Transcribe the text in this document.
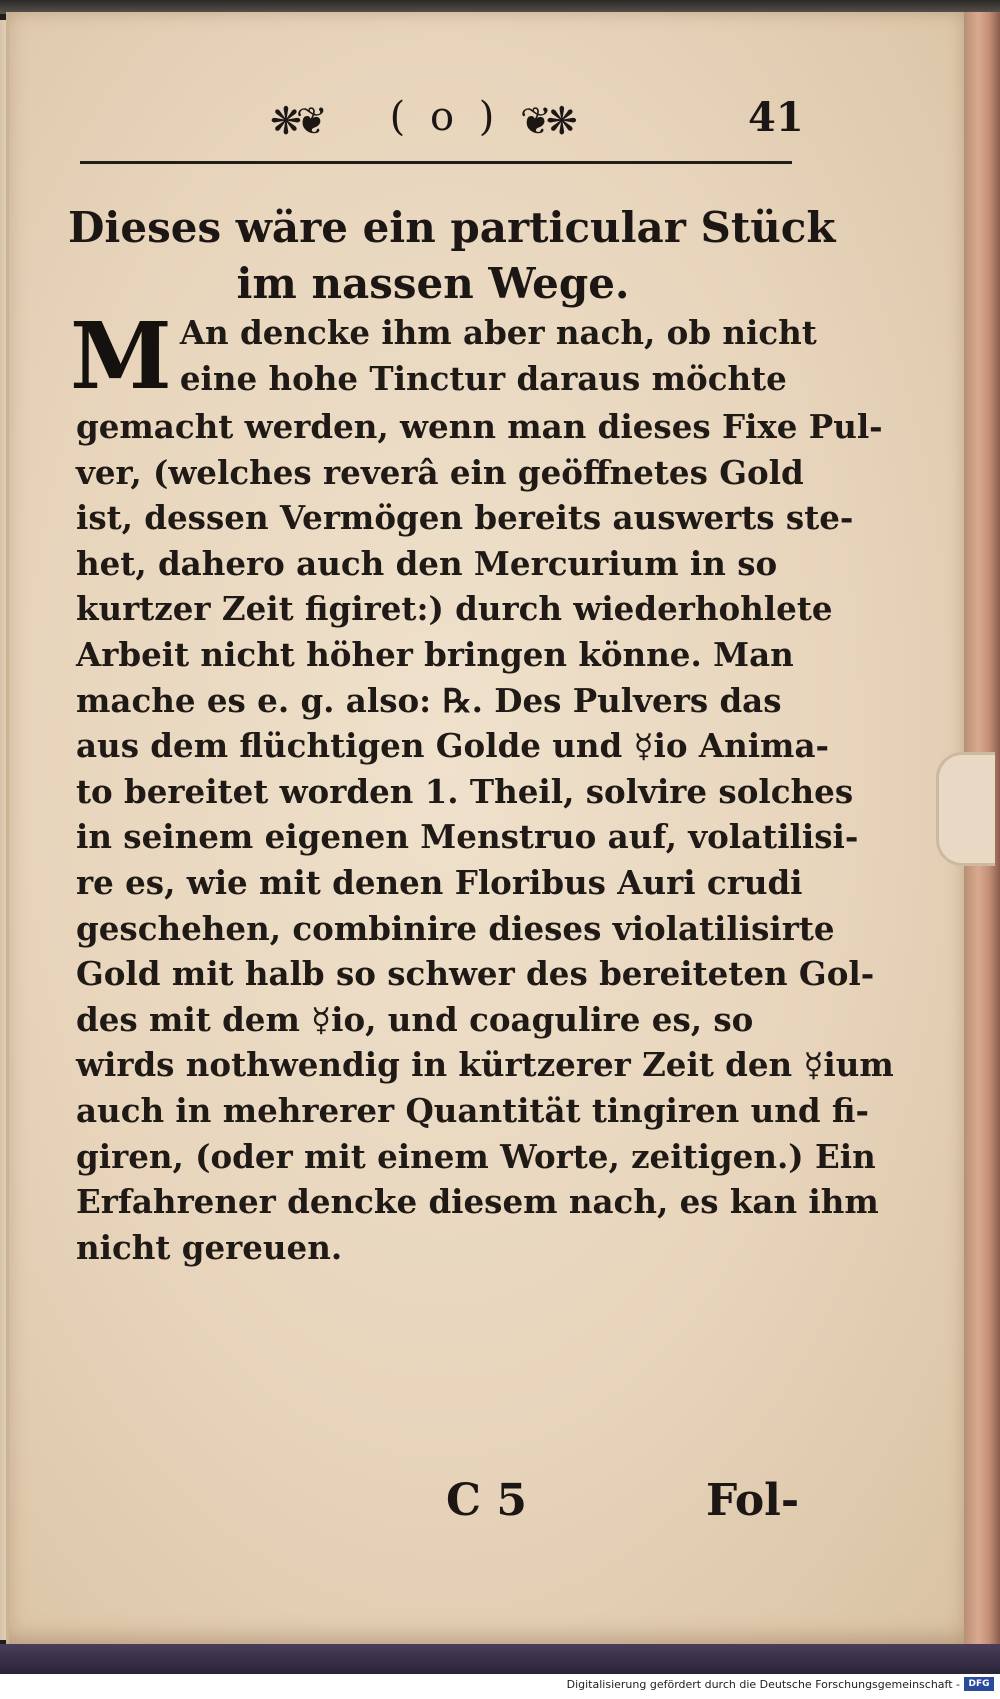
❋❦	( o ) ❦❋	41
Dieses wäre ein particular Stück
im nassen Wege.
M An dencke ihm aber nach, ob nicht
eine hohe Tinctur daraus möchte
gemacht werden, wenn man dieses Fixe Pul-
ver, (welches reverâ ein geöffnetes Gold
ist, dessen Vermögen bereits auswerts ste-
het, dahero auch den Mercurium in so
kurtzer Zeit figiret:) durch wiederhohlete
Arbeit nicht höher bringen könne. Man
mache es e. g. also: ℞. Des Pulvers das
aus dem flüchtigen Golde und ☿io Anima-
to bereitet worden 1. Theil, solvire solches
in seinem eigenen Menstruo auf, volatilisi-
re es, wie mit denen Floribus Auri crudi
geschehen, combinire dieses violatilisirte
Gold mit halb so schwer des bereiteten Gol-
des mit dem ☿io, und coagulire es, so
wirds nothwendig in kürtzerer Zeit den ☿ium
auch in mehrerer Quantität tingiren und fi-
giren, (oder mit einem Worte, zeitigen.) Ein
Erfahrener dencke diesem nach, es kan ihm
nicht gereuen.
C 5	Fol-
Digitalisierung gefördert durch die Deutsche Forschungsgemeinschaft - DFG
